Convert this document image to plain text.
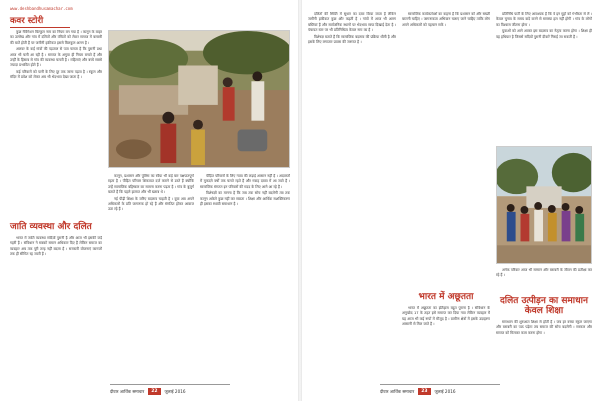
www.deshbandhusamachar.com
कवर स्टोरी

कुछ नेविगेशन बिल्कुल नाम का नियम बन गया है । कानून के बाहर का उल्लेख और गांव में दलितों और वंचितों को लेकर समाज में बराबरी की बातें होती हैं पर जमीनी हकीकत इससे बिलकुल अलग है ।

अलवर के कई गांवों की पड़ताल से पता चलता है कि पुरानी प्रथा आज भी चली आ रही है । समाज के अगुवा ही नियम बनाते हैं और उन्हीं के हिसाब से गांव की व्यवस्था चलती है । महिलाएं और बच्चे सबसे ज्यादा प्रभावित होते हैं ।

कई परिवारों को पानी के लिए दूर तक जाना पड़ता है । स्कूल और मंदिर में प्रवेश को लेकर अब भी भेदभाव देखा जाता है ।

जाति व्यवस्था और दलित

भारत में जाति व्यवस्था सदियों पुरानी है और आज भी इसकी जड़ें गहरी हैं । संविधान ने सबको समान अधिकार दिए हैं लेकिन समाज का व्यवहार अब तक पूरी तरह नहीं बदला है । सरकारी योजनाएं कागजों तक ही सीमित रह जाती हैं ।

कानून, प्रशासन और पुलिस का रवैया भी कई बार पक्षपातपूर्ण रहता है । पीड़ित परिवार शिकायत दर्ज कराने से डरते हैं क्योंकि उन्हें सामाजिक बहिष्कार का सामना करना पड़ता है । गांव के बुजुर्ग बताते हैं कि पहले हालात और भी खराब थे ।

नई पीढ़ी शिक्षा के जरिए बदलाव चाहती है । युवा अब अपने अधिकारों के प्रति जागरूक हो रहे हैं और संगठित होकर आवाज उठा रहे हैं ।

पीड़ित परिवारों के लिए न्याय की लड़ाई आसान नहीं है । अदालतों में मुकदमे वर्षों तक चलते रहते हैं और गवाह दबाव में आ जाते हैं । सामाजिक संगठन इन परिवारों की मदद के लिए आगे आ रहे हैं ।

विशेषज्ञों का मानना है कि जब तक सोच नहीं बदलेगी तब तक कानून अकेले कुछ नहीं कर सकता । शिक्षा और आर्थिक सशक्तिकरण ही इसका स्थायी समाधान है ।

दीवार आर्थिक समाचार	22	जुलाई 2016

दलितों की स्थिति में सुधार का दावा किया जाता है लेकिन जमीनी हकीकत कुछ और कहती है । गांवों में आज भी अलग बस्तियां हैं और सार्वजनिक स्थानों पर भेदभाव साफ दिखाई देता है । पंचायत स्तर पर भी प्रतिनिधित्व केवल नाम का है ।

विशेषज्ञ बताते हैं कि सामाजिक बदलाव की प्रक्रिया धीमी है और इसके लिए लगातार प्रयास की जरूरत है ।

सामाजिक कार्यकर्ताओं का कहना है कि प्रशासन को और सख्ती बरतनी चाहिए । जागरूकता अभियान चलाए जाने चाहिए ताकि लोग अपने अधिकारों को पहचान सकें ।

भारत में अछूतता

भारत में अछूतता का इतिहास बहुत पुराना है । संविधान के अनुच्छेद 17 के तहत इसे समाप्त कर दिया गया लेकिन व्यवहार में यह आज भी कई रूपों में मौजूद है । ग्रामीण क्षेत्रों में इसके उदाहरण आसानी से मिल जाते हैं ।

प्रतिनिधि पार्टी के लिए आवश्यक है कि वे इन मुद्दों को गंभीरता से लें । केवल चुनाव के समय वादे करने से समस्या हल नहीं होगी । गांव के लोगों का विश्वास जीतना होगा ।

युवाओं को आगे आकर इस बदलाव का नेतृत्व करना होगा । शिक्षा ही वह हथियार है जिससे सदियों पुरानी दीवारें गिराई जा सकती हैं ।

अनेक परिवार आज भी सम्मान और बराबरी के जीवन की प्रतीक्षा कर रहे हैं ।

दलित उत्पीड़न का समाधान केवल शिक्षा

समाधान की शुरुआत शिक्षा से होती है । जब हर बच्चा स्कूल जाएगा और बराबरी का पाठ पढ़ेगा तब समाज की सोच बदलेगी । सरकार और समाज को मिलकर काम करना होगा ।

दीवार आर्थिक समाचार	23	जुलाई 2016
